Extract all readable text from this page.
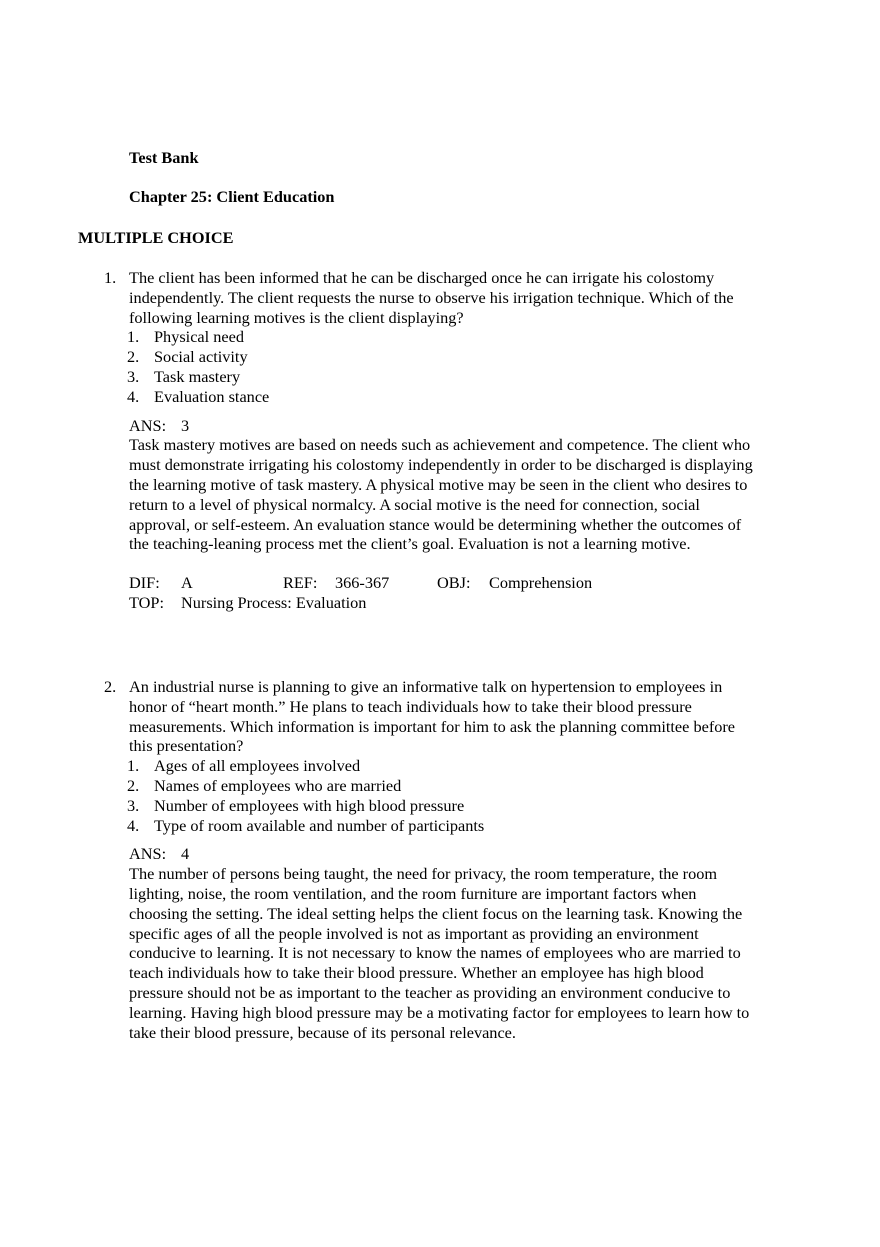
Test Bank
Chapter 25: Client Education
MULTIPLE CHOICE
1. The client has been informed that he can be discharged once he can irrigate his colostomy independently. The client requests the nurse to observe his irrigation technique. Which of the following learning motives is the client displaying?

1. Physical need
2. Social activity
3. Task mastery
4. Evaluation stance
ANS: 3

Task mastery motives are based on needs such as achievement and competence. The client who must demonstrate irrigating his colostomy independently in order to be discharged is displaying the learning motive of task mastery. A physical motive may be seen in the client who desires to return to a level of physical normalcy. A social motive is the need for connection, social approval, or self-esteem. An evaluation stance would be determining whether the outcomes of the teaching-leaning process met the client’s goal. Evaluation is not a learning motive.

DIF: A	REF: 366-367	OBJ: Comprehension
TOP: Nursing Process: Evaluation
2. An industrial nurse is planning to give an informative talk on hypertension to employees in honor of “heart month.” He plans to teach individuals how to take their blood pressure measurements. Which information is important for him to ask the planning committee before this presentation?

1. Ages of all employees involved
2. Names of employees who are married
3. Number of employees with high blood pressure
4. Type of room available and number of participants
ANS: 4

The number of persons being taught, the need for privacy, the room temperature, the room lighting, noise, the room ventilation, and the room furniture are important factors when choosing the setting. The ideal setting helps the client focus on the learning task. Knowing the specific ages of all the people involved is not as important as providing an environment conducive to learning. It is not necessary to know the names of employees who are married to teach individuals how to take their blood pressure. Whether an employee has high blood pressure should not be as important to the teacher as providing an environment conducive to learning. Having high blood pressure may be a motivating factor for employees to learn how to take their blood pressure, because of its personal relevance.
